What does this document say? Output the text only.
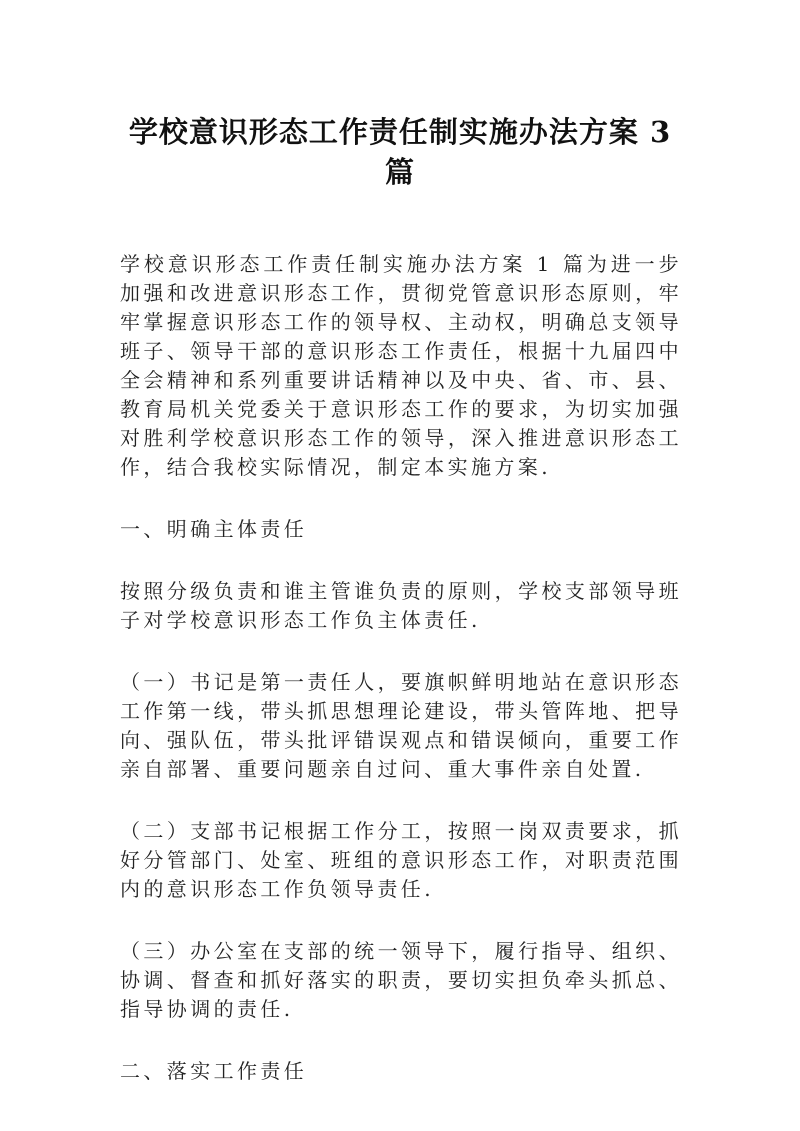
学校意识形态工作责任制实施办法方案 3 篇

学校意识形态工作责任制实施办法方案 1 篇为进一步加强和改进意识形态工作，贯彻党管意识形态原则，牢牢掌握意识形态工作的领导权、主动权，明确总支领导班子、领导干部的意识形态工作责任，根据十九届四中全会精神和系列重要讲话精神以及中央、省、市、县、教育局机关党委关于意识形态工作的要求，为切实加强对胜利学校意识形态工作的领导，深入推进意识形态工作，结合我校实际情况，制定本实施方案.

一、明确主体责任

按照分级负责和谁主管谁负责的原则，学校支部领导班子对学校意识形态工作负主体责任.

（一）书记是第一责任人，要旗帜鲜明地站在意识形态工作第一线，带头抓思想理论建设，带头管阵地、把导向、强队伍，带头批评错误观点和错误倾向，重要工作亲自部署、重要问题亲自过问、重大事件亲自处置.

（二）支部书记根据工作分工，按照一岗双责要求，抓好分管部门、处室、班组的意识形态工作，对职责范围内的意识形态工作负领导责任.

（三）办公室在支部的统一领导下，履行指导、组织、协调、督查和抓好落实的职责，要切实担负牵头抓总、指导协调的责任.

二、落实工作责任
